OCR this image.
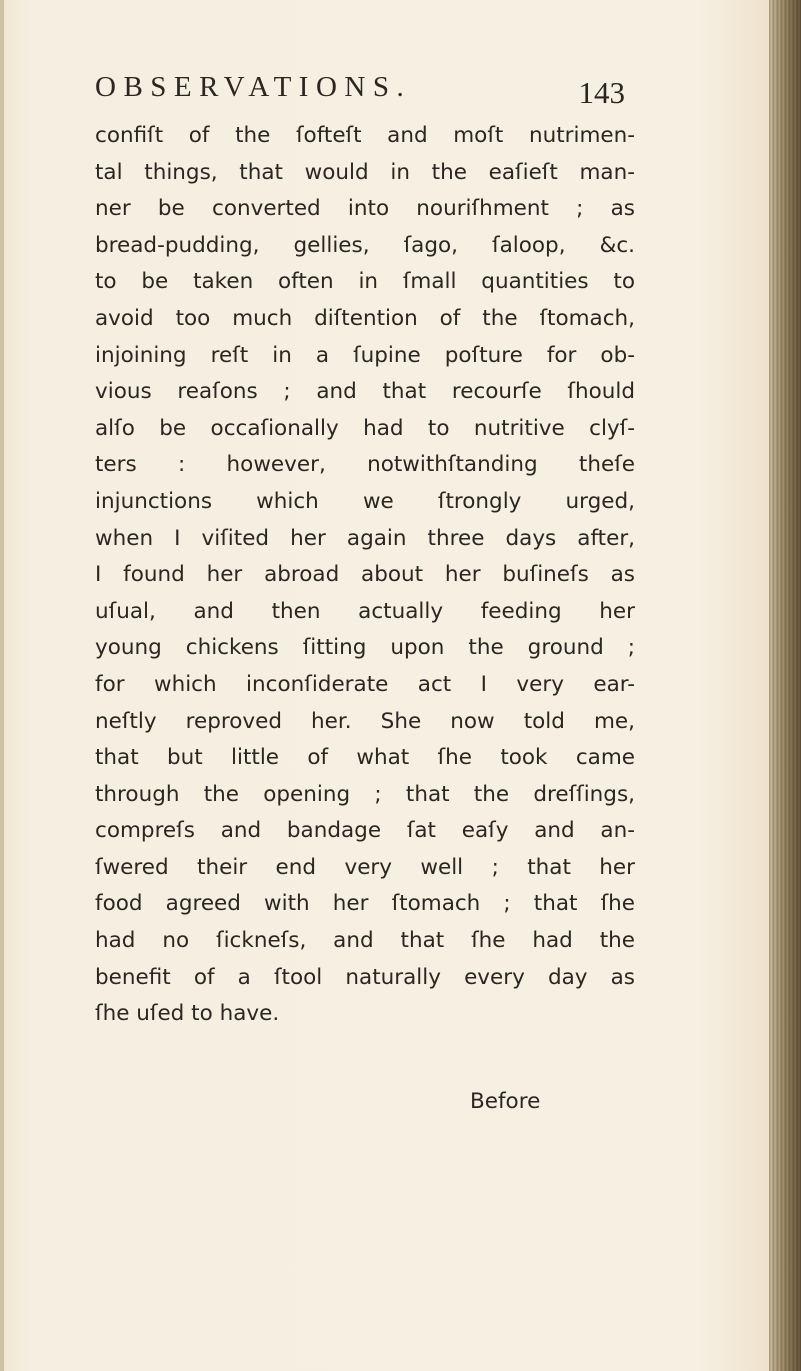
OBSERVATIONS.	143
confiſt of the ſofteſt and moſt nutrimen-
tal things, that would in the eaſieſt man-
ner be converted into nouriſhment ; as
bread-pudding, gellies, ſago, ſaloop, &c.
to be taken often in ſmall quantities to
avoid too much diſtention of the ſtomach,
injoining reſt in a ſupine poſture for ob-
vious reaſons ; and that recourſe ſhould
alſo be occaſionally had to nutritive clyſ-
ters : however, notwithſtanding theſe
injunctions which we ſtrongly urged,
when I viſited her again three days after,
I found her abroad about her buſineſs as
uſual, and then actually feeding her
young chickens ſitting upon the ground ;
for which inconſiderate act I very ear-
neſtly reproved her. She now told me,
that but little of what ſhe took came
through the opening ; that the dreſſings,
compreſs and bandage ſat eaſy and an-
ſwered their end very well ; that her
food agreed with her ſtomach ; that ſhe
had no ſickneſs, and that ſhe had the
benefit of a ſtool naturally every day as
ſhe uſed to have.
Before
